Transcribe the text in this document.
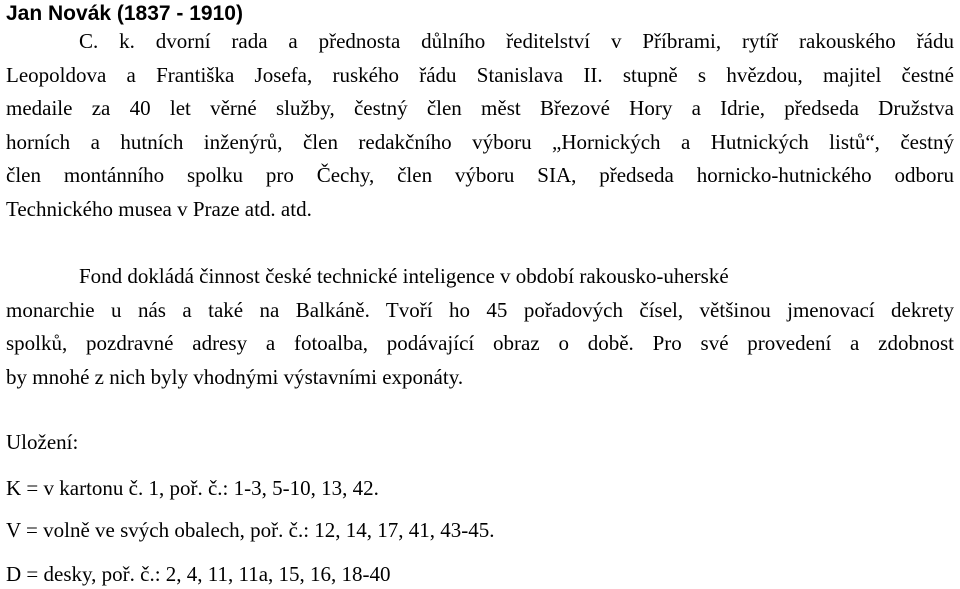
Jan Novák (1837 - 1910)
C. k. dvorní rada a přednosta důlního ředitelství v Příbrami, rytíř rakouského řádu
Leopoldova a Františka Josefa, ruského řádu Stanislava II. stupně s hvězdou, majitel čestné
medaile za 40 let věrné služby, čestný člen měst Březové Hory a Idrie, předseda Družstva
horních a hutních inženýrů, člen redakčního výboru „Hornických a Hutnických listů“, čestný
člen montánního spolku pro Čechy, člen výboru SIA, předseda hornicko-hutnického odboru
Technického musea v Praze atd. atd.
Fond dokládá činnost české technické inteligence v období rakousko-uherské
monarchie u nás a také na Balkáně. Tvoří ho 45 pořadových čísel, většinou jmenovací dekrety
spolků, pozdravné adresy a fotoalba, podávající obraz o době. Pro své provedení a zdobnost
by mnohé z nich byly vhodnými výstavními exponáty.
Uložení:
K = v kartonu č. 1, poř. č.: 1-3, 5-10, 13, 42.
V = volně ve svých obalech, poř. č.: 12, 14, 17, 41, 43-45.
D = desky, poř. č.: 2, 4, 11, 11a, 15, 16, 18-40
